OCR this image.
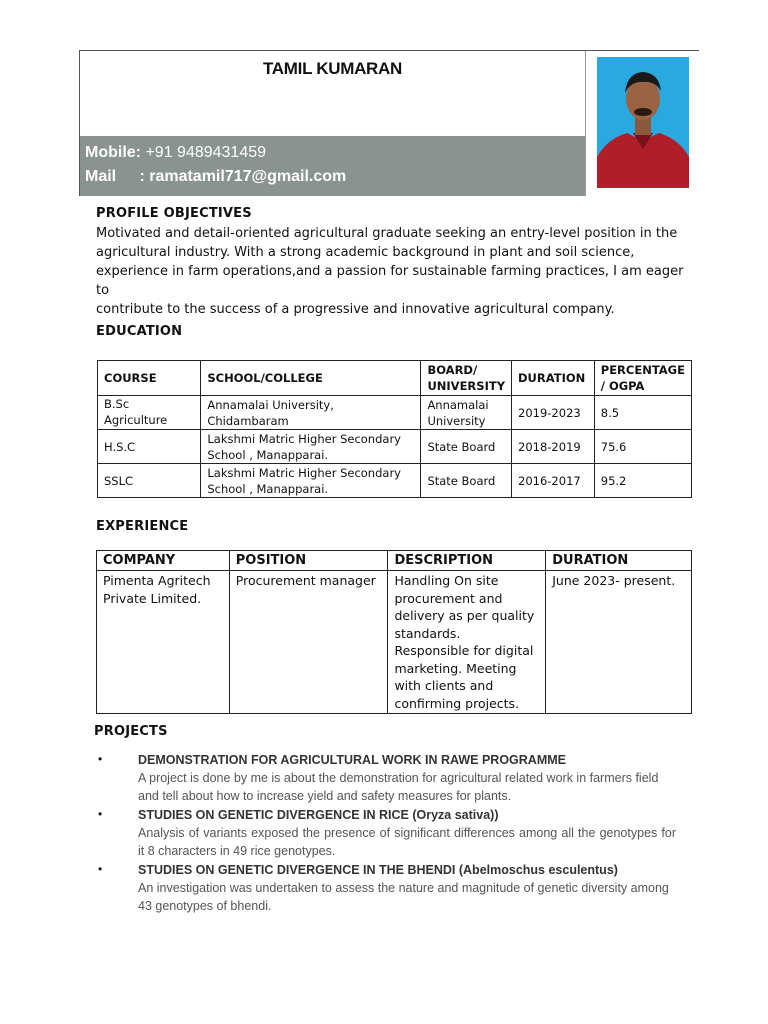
TAMIL KUMARAN
Mobile: +91 9489431459
Mail : ramatamil717@gmail.com
PROFILE OBJECTIVES
Motivated and detail-oriented agricultural graduate seeking an entry-level position in the
agricultural industry. With a strong academic background in plant and soil science,
experience in farm operations,and a passion for sustainable farming practices, I am eager to
contribute to the success of a progressive and innovative agricultural company.
EDUCATION
COURSE	SCHOOL/COLLEGE	BOARD/ UNIVERSITY	DURATION	PERCENTAGE / OGPA
B.Sc Agriculture	Annamalai University, Chidambaram	Annamalai University	2019-2023	8.5
H.S.C	Lakshmi Matric Higher Secondary School , Manapparai.	State Board	2018-2019	75.6
SSLC	Lakshmi Matric Higher Secondary School , Manapparai.	State Board	2016-2017	95.2
EXPERIENCE
COMPANY	POSITION	DESCRIPTION	DURATION
Pimenta Agritech Private Limited.	Procurement manager	Handling On site procurement and delivery as per quality standards. Responsible for digital marketing. Meeting with clients and confirming projects.	June 2023- present.
PROJECTS
•	DEMONSTRATION FOR AGRICULTURAL WORK IN RAWE PROGRAMME
A project is done by me is about the demonstration for agricultural related work in farmers field and tell about how to increase yield and safety measures for plants.
•	STUDIES ON GENETIC DIVERGENCE IN RICE (Oryza sativa))
Analysis of variants exposed the presence of significant differences among all the genotypes for it 8 characters in 49 rice genotypes.
•	STUDIES ON GENETIC DIVERGENCE IN THE BHENDI (Abelmoschus esculentus)
An investigation was undertaken to assess the nature and magnitude of genetic diversity among 43 genotypes of bhendi.
